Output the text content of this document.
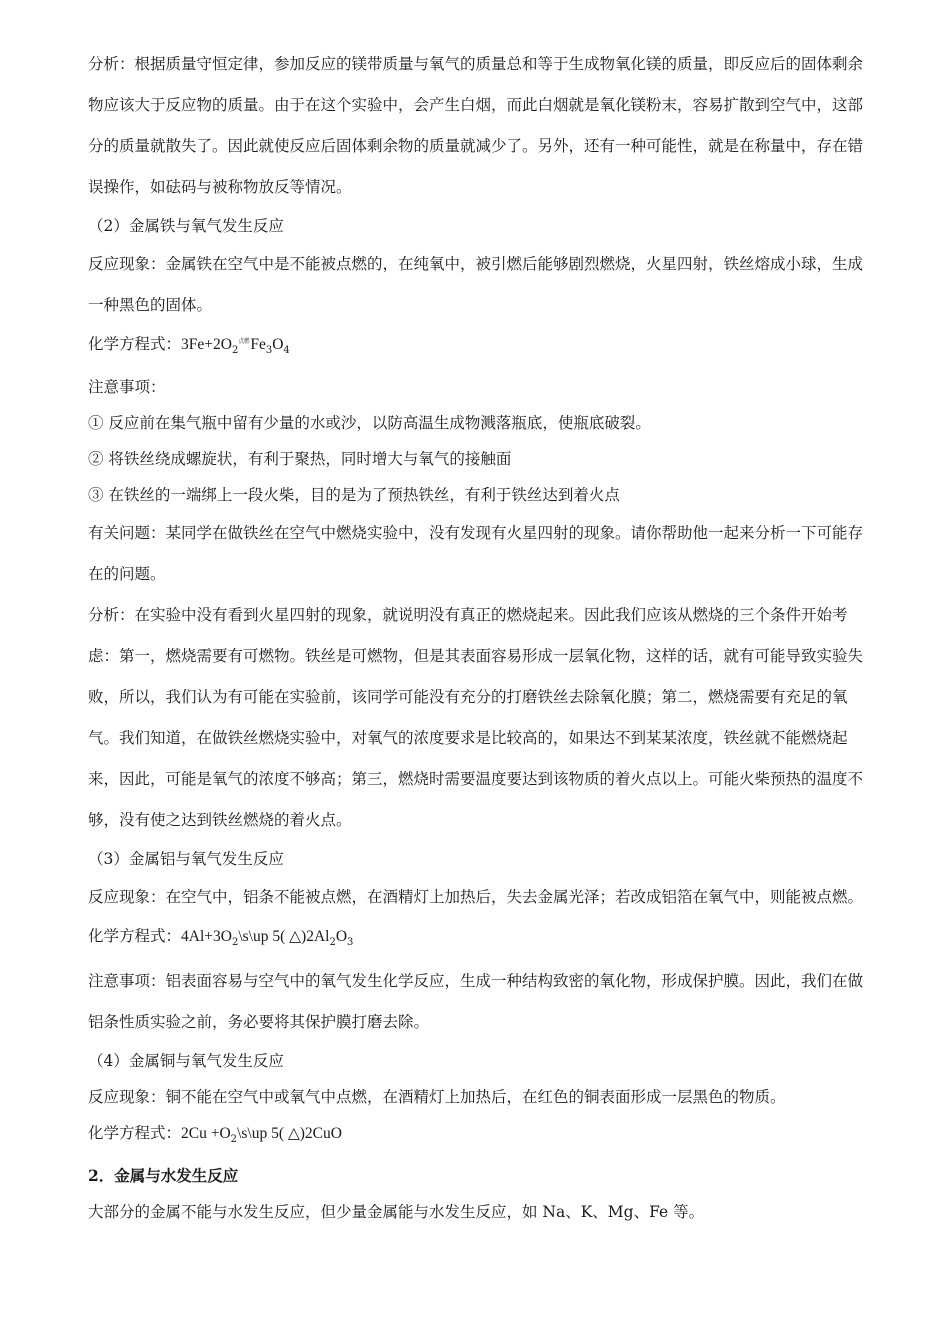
分析：根据质量守恒定律，参加反应的镁带质量与氧气的质量总和等于生成物氧化镁的质量，即反应后的固体剩余物应该大于反应物的质量。由于在这个实验中，会产生白烟，而此白烟就是氧化镁粉末，容易扩散到空气中，这部分的质量就散失了。因此就使反应后固体剩余物的质量就减少了。另外，还有一种可能性，就是在称量中，存在错误操作，如砝码与被称物放反等情况。

（2）金属铁与氧气发生反应

反应现象：金属铁在空气中是不能被点燃的，在纯氧中，被引燃后能够剧烈燃烧，火星四射，铁丝熔成小球，生成一种黑色的固体。

化学方程式：$3Fe+2O_2$点燃$Fe_3O_4$

注意事项：

① 反应前在集气瓶中留有少量的水或沙，以防高温生成物溅落瓶底，使瓶底破裂。

② 将铁丝绕成螺旋状，有利于聚热，同时增大与氧气的接触面

③ 在铁丝的一端绑上一段火柴，目的是为了预热铁丝，有利于铁丝达到着火点

有关问题：某同学在做铁丝在空气中燃烧实验中，没有发现有火星四射的现象。请你帮助他一起来分析一下可能存在的问题。

分析：在实验中没有看到火星四射的现象，就说明没有真正的燃烧起来。因此我们应该从燃烧的三个条件开始考虑：第一，燃烧需要有可燃物。铁丝是可燃物，但是其表面容易形成一层氧化物，这样的话，就有可能导致实验失败，所以，我们认为有可能在实验前，该同学可能没有充分的打磨铁丝去除氧化膜；第二，燃烧需要有充足的氧气。我们知道，在做铁丝燃烧实验中，对氧气的浓度要求是比较高的，如果达不到某某浓度，铁丝就不能燃烧起来，因此，可能是氧气的浓度不够高；第三，燃烧时需要温度要达到该物质的着火点以上。可能火柴预热的温度不够，没有使之达到铁丝燃烧的着火点。

（3）金属铝与氧气发生反应

反应现象：在空气中，铝条不能被点燃，在酒精灯上加热后，失去金属光泽；若改成铝箔在氧气中，则能被点燃。

化学方程式：$4Al+3O_2\backslash s\backslash up$ 5( $\triangle)2Al_2O_3$

注意事项：铝表面容易与空气中的氧气发生化学反应，生成一种结构致密的氧化物，形成保护膜。因此，我们在做铝条性质实验之前，务必要将其保护膜打磨去除。

（4）金属铜与氧气发生反应

反应现象：铜不能在空气中或氧气中点燃，在酒精灯上加热后，在红色的铜表面形成一层黑色的物质。

化学方程式：$2Cu +O_2\backslash s\backslash up$ 5( △)2CuO

2．金属与水发生反应

大部分的金属不能与水发生反应，但少量金属能与水发生反应，如 Na、K、Mg、Fe 等。
